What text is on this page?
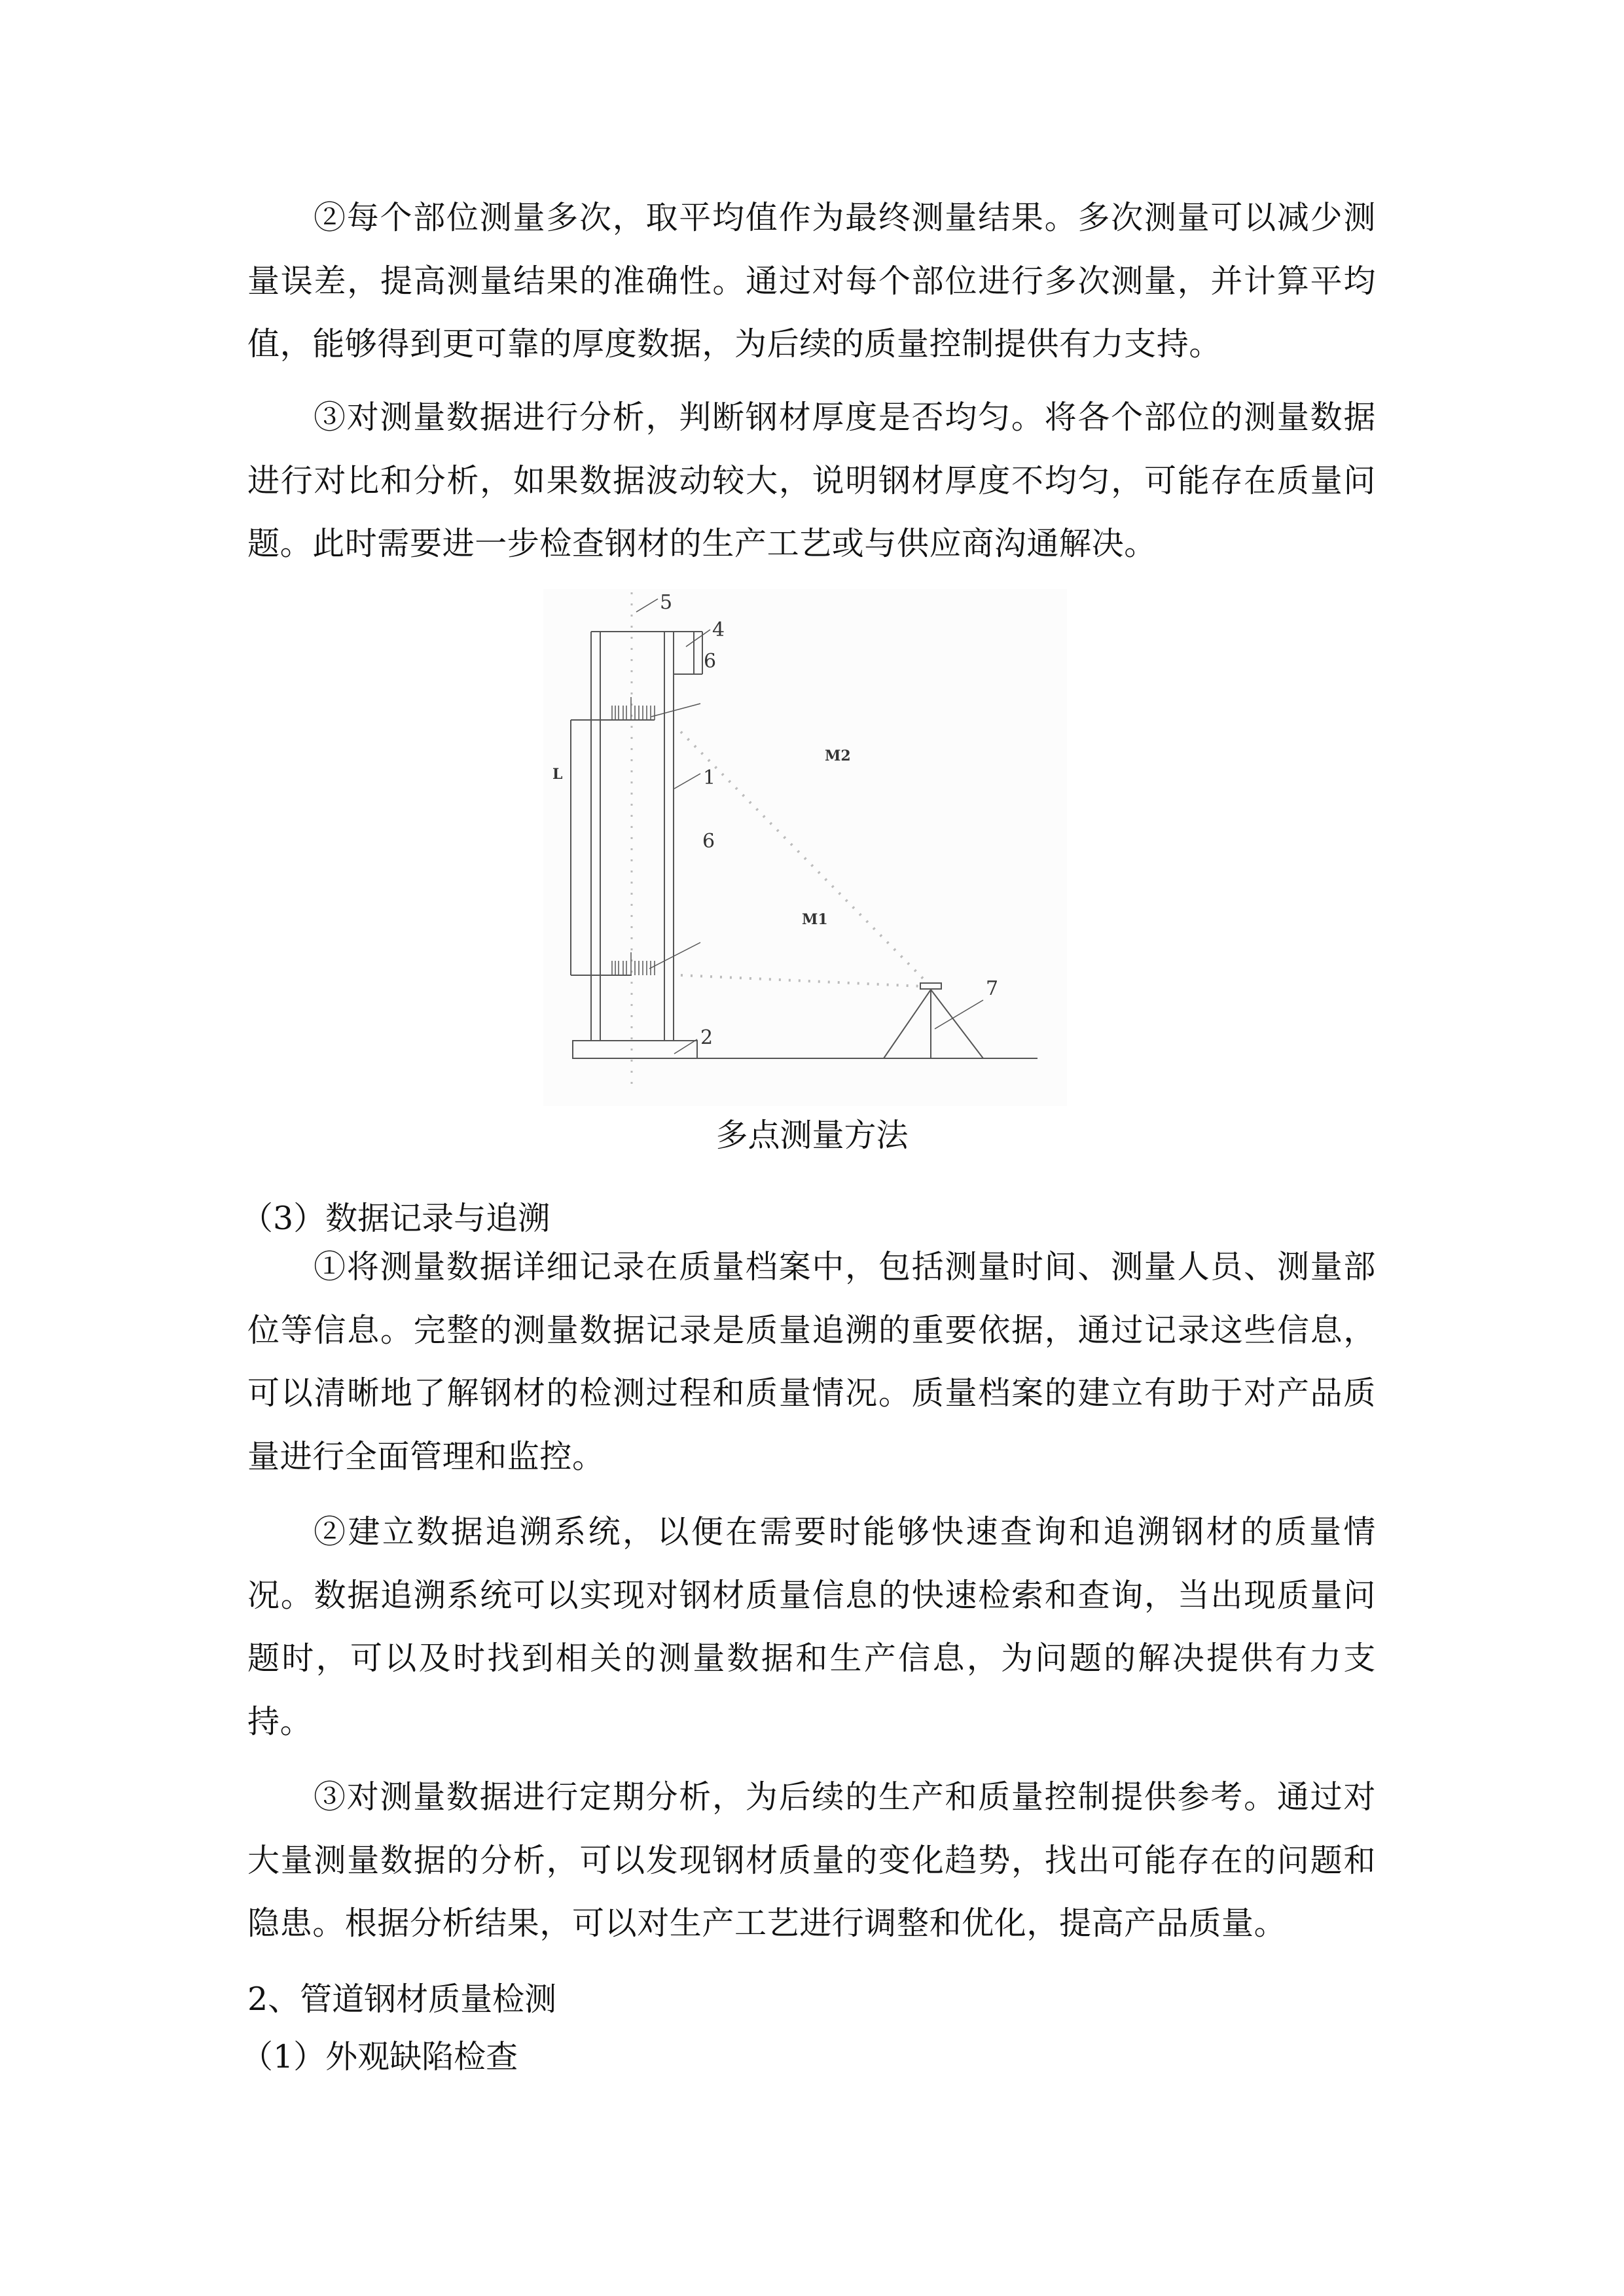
②每个部位测量多次，取平均值作为最终测量结果。多次测量可以减少测量误差，提高测量结果的准确性。通过对每个部位进行多次测量，并计算平均值，能够得到更可靠的厚度数据，为后续的质量控制提供有力支持。

③对测量数据进行分析，判断钢材厚度是否均匀。将各个部位的测量数据进行对比和分析，如果数据波动较大，说明钢材厚度不均匀，可能存在质量问题。此时需要进一步检查钢材的生产工艺或与供应商沟通解决。

5
4
6
1
6
2
7
M1
M2
L

多点测量方法

（3）数据记录与追溯

①将测量数据详细记录在质量档案中，包括测量时间、测量人员、测量部位等信息。完整的测量数据记录是质量追溯的重要依据，通过记录这些信息，可以清晰地了解钢材的检测过程和质量情况。质量档案的建立有助于对产品质量进行全面管理和监控。

②建立数据追溯系统，以便在需要时能够快速查询和追溯钢材的质量情况。数据追溯系统可以实现对钢材质量信息的快速检索和查询，当出现质量问题时，可以及时找到相关的测量数据和生产信息，为问题的解决提供有力支持。

③对测量数据进行定期分析，为后续的生产和质量控制提供参考。通过对大量测量数据的分析，可以发现钢材质量的变化趋势，找出可能存在的问题和隐患。根据分析结果，可以对生产工艺进行调整和优化，提高产品质量。

2、管道钢材质量检测

（1）外观缺陷检查
